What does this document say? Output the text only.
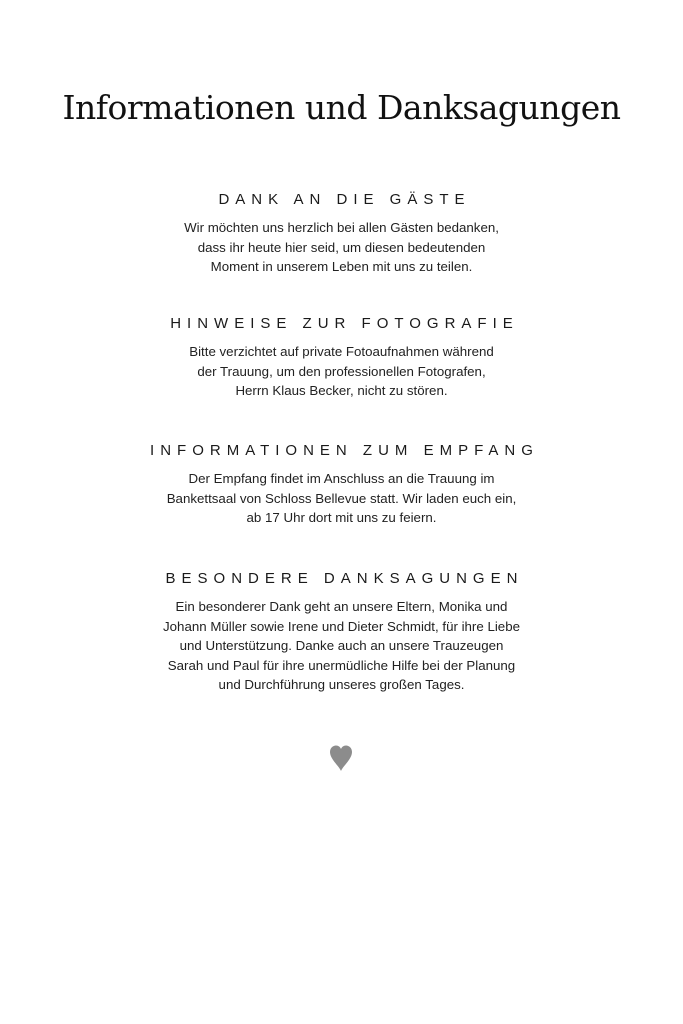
Informationen und Danksagungen
DANK AN DIE GÄSTE

Wir möchten uns herzlich bei allen Gästen bedanken,
dass ihr heute hier seid, um diesen bedeutenden
Moment in unserem Leben mit uns zu teilen.

HINWEISE ZUR FOTOGRAFIE

Bitte verzichtet auf private Fotoaufnahmen während
der Trauung, um den professionellen Fotografen,
Herrn Klaus Becker, nicht zu stören.

INFORMATIONEN ZUM EMPFANG

Der Empfang findet im Anschluss an die Trauung im
Bankettsaal von Schloss Bellevue statt. Wir laden euch ein,
ab 17 Uhr dort mit uns zu feiern.

BESONDERE DANKSAGUNGEN

Ein besonderer Dank geht an unsere Eltern, Monika und
Johann Müller sowie Irene und Dieter Schmidt, für ihre Liebe
und Unterstützung. Danke auch an unsere Trauzeugen
Sarah und Paul für ihre unermüdliche Hilfe bei der Planung
und Durchführung unseres großen Tages.
